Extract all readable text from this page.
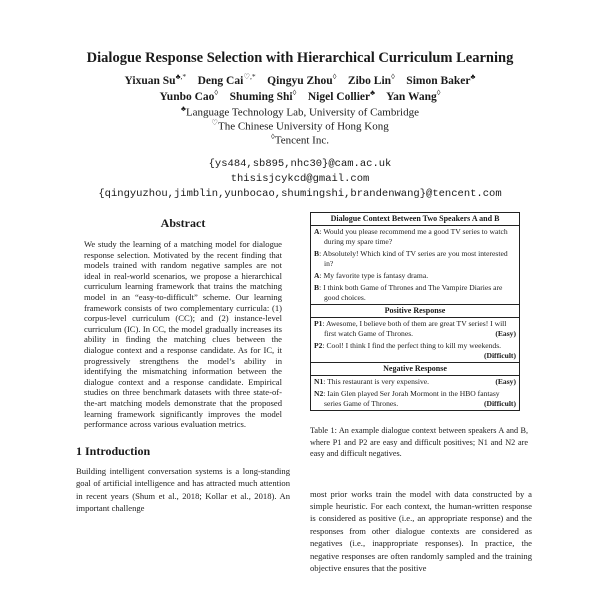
Dialogue Response Selection with Hierarchical Curriculum Learning
Yixuan Su♣,* Deng Cai♡,* Qingyu Zhou◊ Zibo Lin◊ Simon Baker♣
Yunbo Cao◊ Shuming Shi◊ Nigel Collier♣ Yan Wang◊
♣Language Technology Lab, University of Cambridge
♡The Chinese University of Hong Kong
◊Tencent Inc.
{ys484,sb895,nhc30}@cam.ac.uk
thisisjcykcd@gmail.com
{qingyuzhou,jimblin,yunbocao,shumingshi,brandenwang}@tencent.com
Abstract
We study the learning of a matching model for dialogue response selection. Motivated by the recent finding that models trained with random negative samples are not ideal in real-world scenarios, we propose a hierarchical curriculum learning framework that trains the matching model in an “easy-to-difficult” scheme. Our learning framework consists of two complementary curricula: (1) corpus-level curriculum (CC); and (2) instance-level curriculum (IC). In CC, the model gradually increases its ability in finding the matching clues between the dialogue context and a response candidate. As for IC, it progressively strengthens the model’s ability in identifying the mismatching information between the dialogue context and a response candidate. Empirical studies on three benchmark datasets with three state-of-the-art matching models demonstrate that the proposed learning framework significantly improves the model performance across various evaluation metrics.
1 Introduction
Building intelligent conversation systems is a long-standing goal of artificial intelligence and has attracted much attention in recent years (Shum et al., 2018; Kollar et al., 2018). An important challenge
Dialogue Context Between Two Speakers A and B

A: Would you please recommend me a good TV series to watch during my spare time?

B: Absolutely! Which kind of TV series are you most interested in?

A: My favorite type is fantasy drama.

B: I think both Game of Thrones and The Vampire Diaries are good choices.

Positive Response

P1: Awesome, I believe both of them are great TV series! I will first watch Game of Thrones.	(Easy)

P2: Cool! I think I find the perfect thing to kill my weekends.
(Difficult)

Negative Response

N1: This restaurant is very expensive.	(Easy)

N2: Iain Glen played Ser Jorah Mormont in the HBO fantasy series Game of Thrones.	(Difficult)
Table 1: An example dialogue context between speakers A and B, where P1 and P2 are easy and difficult positives; N1 and N2 are easy and difficult negatives.
most prior works train the model with data constructed by a simple heuristic. For each context, the human-written response is considered as positive (i.e., an appropriate response) and the responses from other dialogue contexts are considered as negatives (i.e., inappropriate responses). In practice, the negative responses are often randomly sampled and the training objective ensures that the positive
